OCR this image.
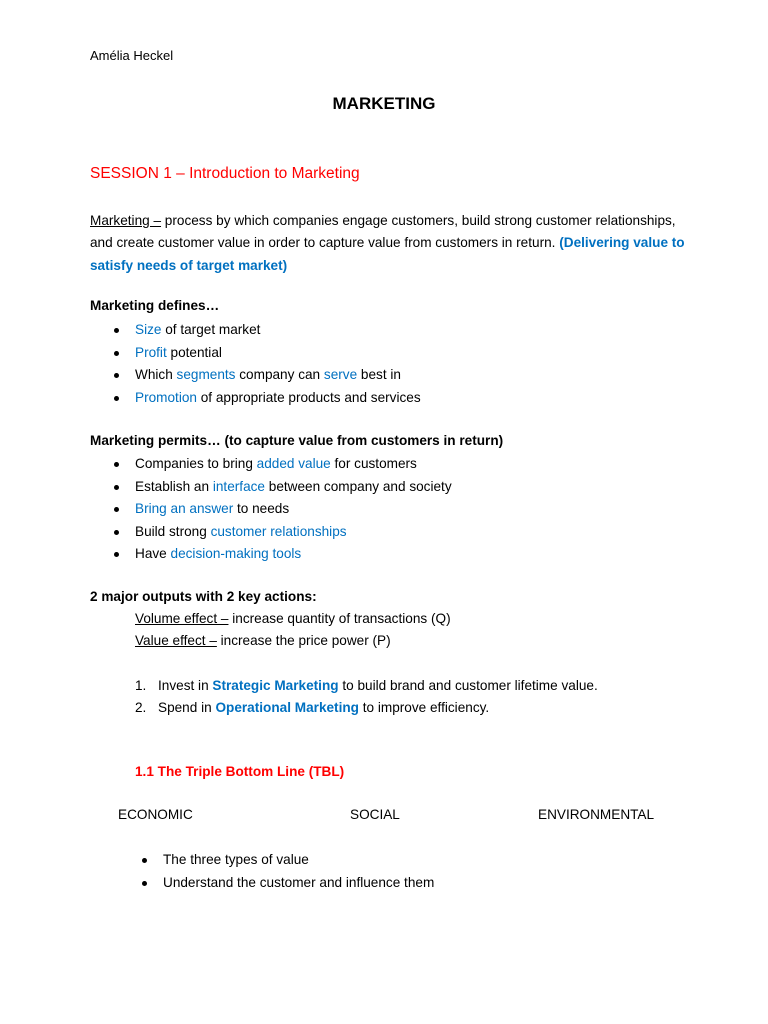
Amélia Heckel
MARKETING
SESSION 1 – Introduction to Marketing
Marketing – process by which companies engage customers, build strong customer relationships, and create customer value in order to capture value from customers in return. (Delivering value to satisfy needs of target market)
Marketing defines…
Size of target market
Profit potential
Which segments company can serve best in
Promotion of appropriate products and services
Marketing permits… (to capture value from customers in return)
Companies to bring added value for customers
Establish an interface between company and society
Bring an answer to needs
Build strong customer relationships
Have decision-making tools
2 major outputs with 2 key actions:
Volume effect – increase quantity of transactions (Q)
Value effect – increase the price power (P)
1. Invest in Strategic Marketing to build brand and customer lifetime value.
2. Spend in Operational Marketing to improve efficiency.
1.1 The Triple Bottom Line (TBL)
ECONOMIC	SOCIAL	ENVIRONMENTAL
The three types of value
Understand the customer and influence them
